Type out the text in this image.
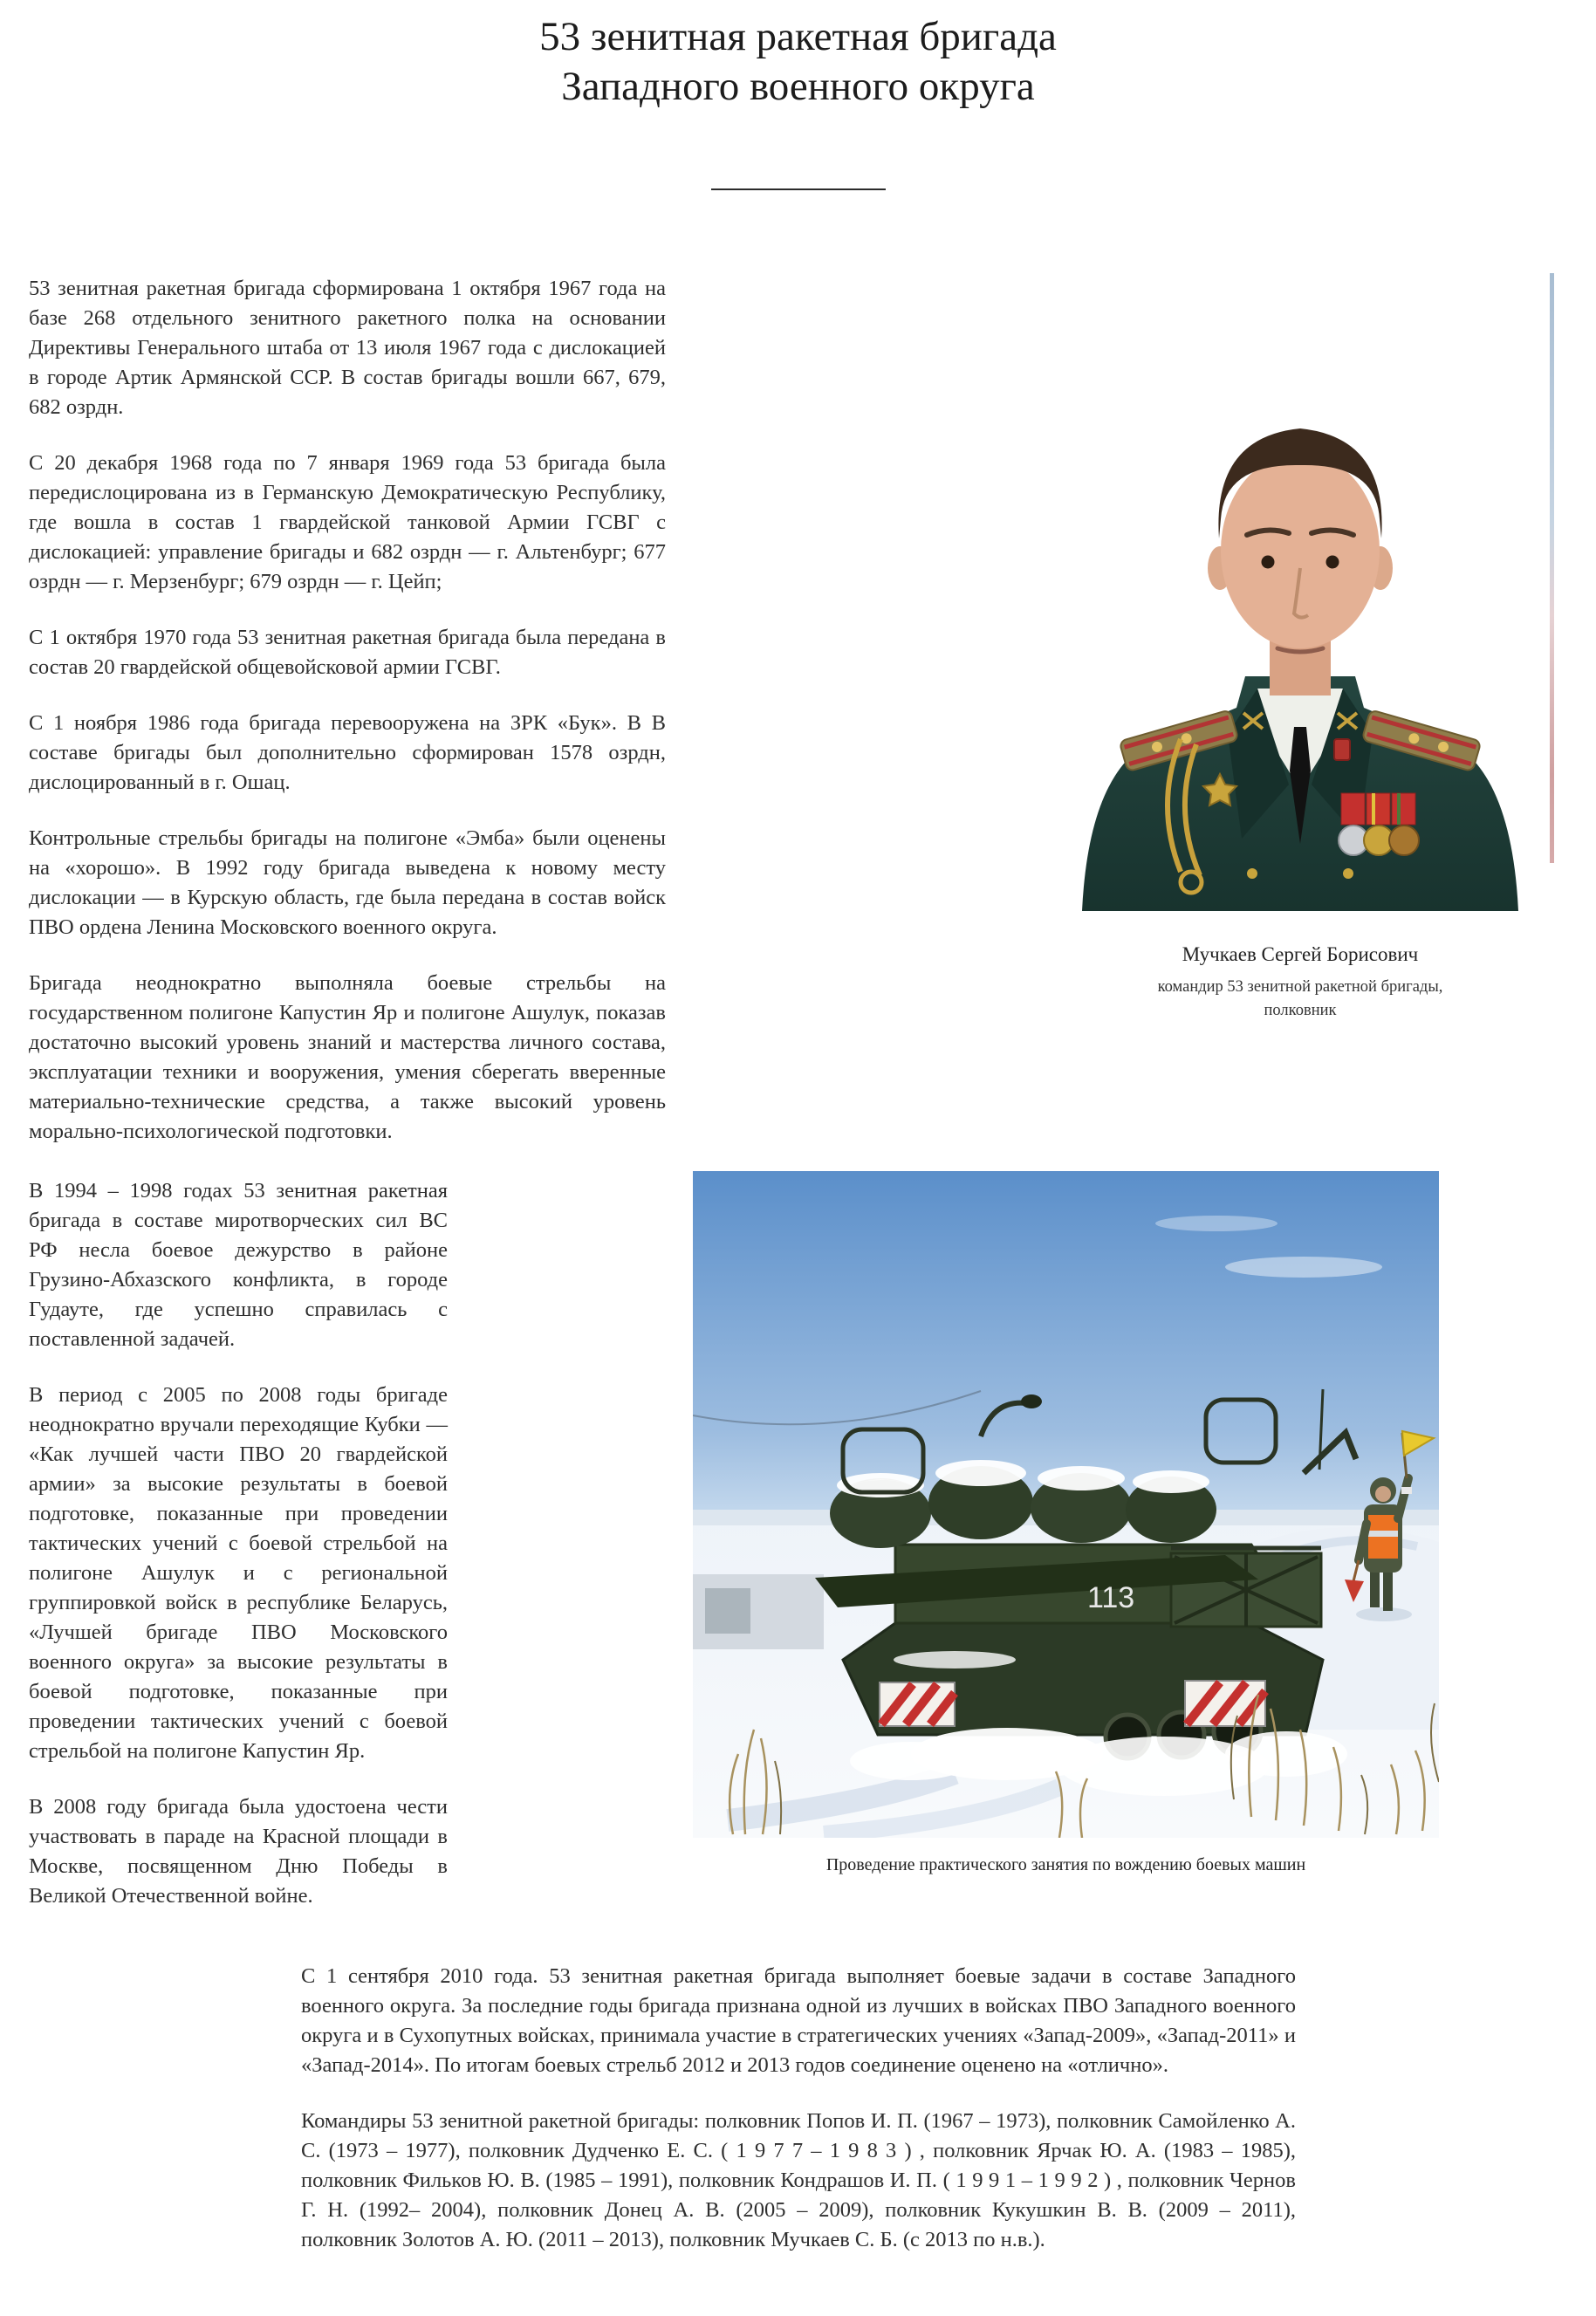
53 зенитная ракетная бригада
Западного военного округа

53 зенитная ракетная бригада сформирована 1 октября 1967 года на базе 268 отдельного зенитного ракетного полка на основании Директивы Генерального штаба от 13 июля 1967 года с дислокацией в городе Артик Армянской ССР. В состав бригады вошли 667, 679, 682 озрдн.

С 20 декабря 1968 года по 7 января 1969 года 53 бригада была передислоцирована из в Германскую Демократическую Республику, где вошла в состав 1 гвардейской танковой Армии ГСВГ с дислокацией: управление бригады и 682 озрдн — г. Альтенбург; 677 озрдн — г. Мерзенбург; 679 озрдн — г. Цейп;

С 1 октября 1970 года 53 зенитная ракетная бригада была передана в состав 20 гвардейской общевойсковой армии ГСВГ.

С 1 ноября 1986 года бригада перевооружена на ЗРК «Бук». В В составе бригады был дополнительно сформирован 1578 озрдн, дислоцированный в г. Ошац.

Контрольные стрельбы бригады на полигоне «Эмба» были оценены на «хорошо». В 1992 году бригада выведена к новому месту дислокации — в Курскую область, где была передана в состав войск ПВО ордена Ленина Московского военного округа.

Бригада неоднократно выполняла боевые стрельбы на государственном полигоне Капустин Яр и полигоне Ашулук, показав достаточно высокий уровень знаний и мастерства личного состава, эксплуатации техники и вооружения, умения сберегать вверенные материально-технические средства, а также высокий уровень морально-психологической подготовки.

Мучкаев Сергей Борисович
командир 53 зенитной ракетной бригады,
полковник

В 1994 – 1998 годах 53 зенитная ракетная бригада в составе миротворческих сил ВС РФ несла боевое дежурство в районе Грузино-Абхазского конфликта, в городе Гудауте, где успешно справилась с поставленной задачей.

В период с 2005 по 2008 годы бригаде неоднократно вручали переходящие Кубки — «Как лучшей части ПВО 20 гвардейской армии» за высокие результаты в боевой подготовке, показанные при проведении тактических учений с боевой стрельбой на полигоне Ашулук и с региональной группировкой войск в республике Беларусь, «Лучшей бригаде ПВО Московского военного округа» за высокие результаты в боевой подготовке, показанные при проведении тактических учений с боевой стрельбой на полигоне Капустин Яр.

В 2008 году бригада была удостоена чести участвовать в параде на Красной площади в Москве, посвященном Дню Победы в Великой Отечественной войне.

113
Проведение практического занятия по вождению боевых машин

С 1 сентября 2010 года. 53 зенитная ракетная бригада выполняет боевые задачи в составе Западного военного округа. За последние годы бригада признана одной из лучших в войсках ПВО Западного военного округа и в Сухопутных войсках, принимала участие в стратегических учениях «Запад-2009», «Запад-2011» и «Запад-2014». По итогам боевых стрельб 2012 и 2013 годов соединение оценено на «отлично».

Командиры 53 зенитной ракетной бригады: полковник Попов И. П. (1967 – 1973), полковник Самойленко А. С. (1973 – 1977), полковник Дудченко Е. С. ( 1 9 7 7 – 1 9 8 3 ) , полковник Ярчак Ю. А. (1983 – 1985), полковник Фильков Ю. В. (1985 – 1991), полковник Кондрашов И. П. ( 1 9 9 1 – 1 9 9 2 ) , полковник Чернов Г. Н. (1992– 2004), полковник Донец А. В. (2005 – 2009), полковник Кукушкин В. В. (2009 – 2011), полковник Золотов А. Ю. (2011 – 2013), полковник Мучкаев С. Б. (с 2013 по н.в.).
